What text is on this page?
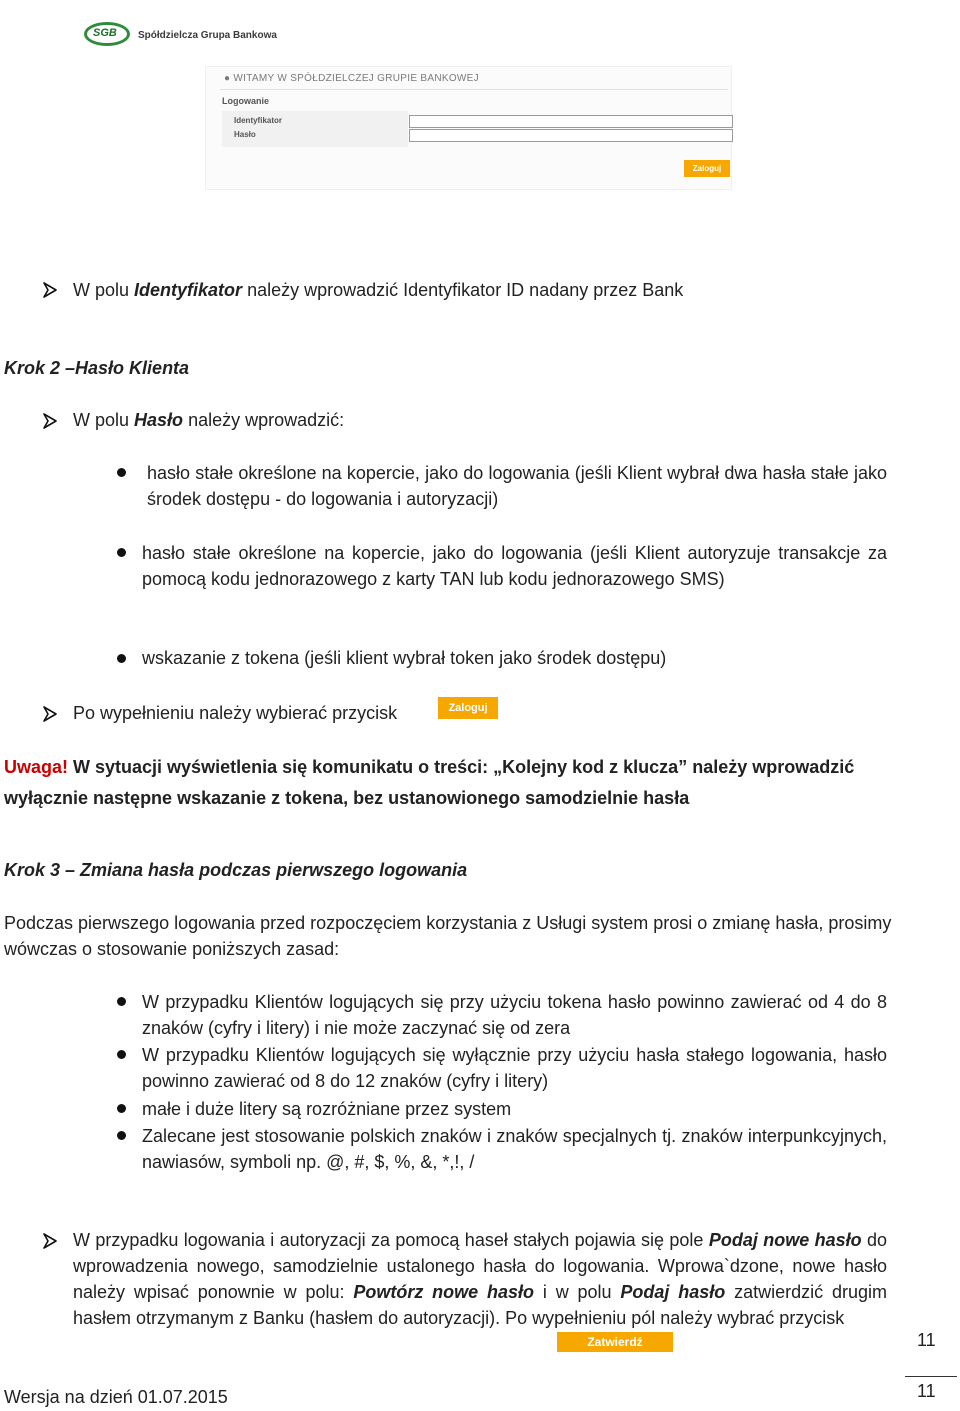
SGB Spółdzielcza Grupa Bankowa
● WITAMY W SPÓŁDZIELCZEJ GRUPIE BANKOWEJ
Logowanie
Identyfikator
Hasło
Zaloguj
W polu Identyfikator należy wprowadzić Identyfikator ID nadany przez Bank
Krok 2 –Hasło Klienta
W polu Hasło należy wprowadzić:
hasło stałe określone na kopercie, jako do logowania (jeśli Klient wybrał dwa hasła stałe jako środek dostępu - do logowania i autoryzacji)
hasło stałe określone na kopercie, jako do logowania (jeśli Klient autoryzuje transakcje za pomocą kodu jednorazowego z karty TAN lub kodu jednorazowego SMS)
wskazanie z tokena (jeśli klient wybrał token jako środek dostępu)
Po wypełnieniu należy wybierać przycisk	Zaloguj
Uwaga! W sytuacji wyświetlenia się komunikatu o treści: „Kolejny kod z klucza” należy wprowadzić wyłącznie następne wskazanie z tokena, bez ustanowionego samodzielnie hasła
Krok 3 – Zmiana hasła podczas pierwszego logowania
Podczas pierwszego logowania przed rozpoczęciem korzystania z Usługi system prosi o zmianę hasła, prosimy wówczas o stosowanie poniższych zasad:
W przypadku Klientów logujących się przy użyciu tokena hasło powinno zawierać od 4 do 8 znaków (cyfry i litery) i nie może zaczynać się od zera
W przypadku Klientów logujących się wyłącznie przy użyciu hasła stałego logowania, hasło powinno zawierać od 8 do 12 znaków (cyfry i litery)
małe i duże litery są rozróżniane przez system
Zalecane jest stosowanie polskich znaków i znaków specjalnych tj. znaków interpunkcyjnych, nawiasów, symboli np. @, #, $, %, &, *,!, /
W przypadku logowania i autoryzacji za pomocą haseł stałych pojawia się pole Podaj nowe hasło do wprowadzenia nowego, samodzielnie ustalonego hasła do logowania. Wprowa`dzone, nowe hasło należy wpisać ponownie w polu: Powtórz nowe hasło i w polu Podaj hasło zatwierdzić drugim hasłem otrzymanym z Banku (hasłem do autoryzacji). Po wypełnieniu pól należy wybrać przycisk
Zatwierdź	11
Wersja na dzień 01.07.2015	11
